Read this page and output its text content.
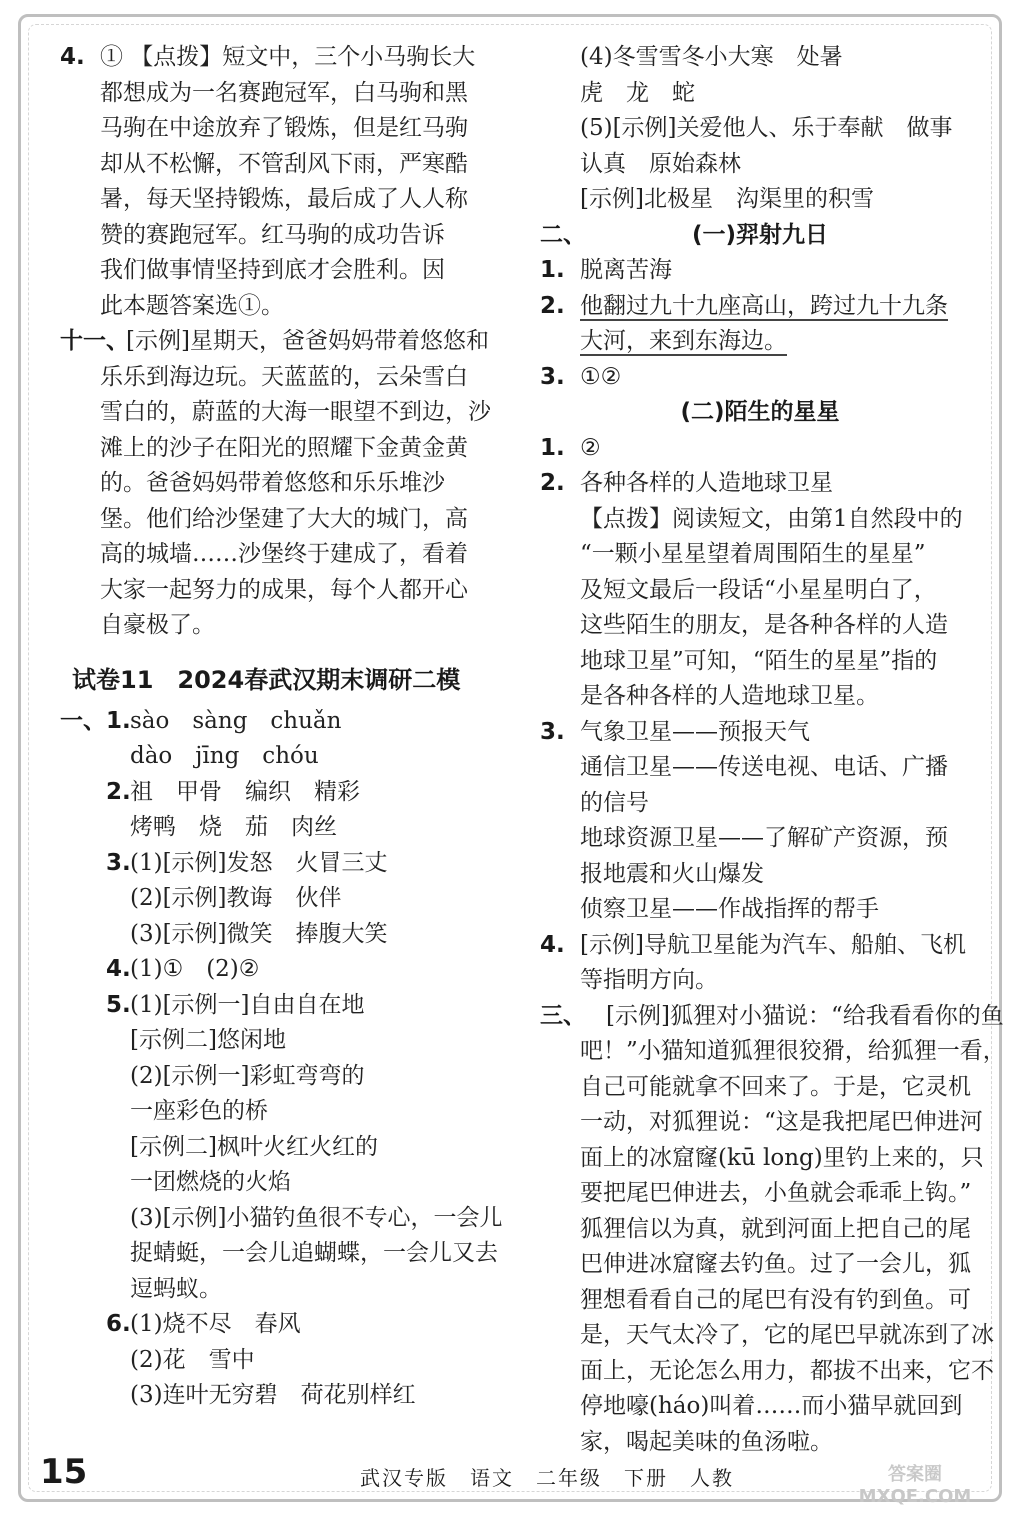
4. ① 【点拨】短文中，三个小马驹长大
都想成为一名赛跑冠军，白马驹和黑
马驹在中途放弃了锻炼，但是红马驹
却从不松懈，不管刮风下雨，严寒酷
暑，每天坚持锻炼，最后成了人人称
赞的赛跑冠军。红马驹的成功告诉
我们做事情坚持到底才会胜利。因
此本题答案选①。
十一、
[示例]星期天，爸爸妈妈带着悠悠和
乐乐到海边玩。天蓝蓝的，云朵雪白
雪白的，蔚蓝的大海一眼望不到边，沙
滩上的沙子在阳光的照耀下金黄金黄
的。爸爸妈妈带着悠悠和乐乐堆沙
堡。他们给沙堡建了大大的城门，高
高的城墙……沙堡终于建成了，看着
大家一起努力的成果，每个人都开心
自豪极了。
试卷11　2024春武汉期末调研二模
一、1. sào　sàng　chuǎn
dào　jīng　chóu
2. 祖　甲骨　编织　精彩
烤鸭　烧　茄　肉丝
3. (1)[示例]发怒　火冒三丈
(2)[示例]教诲　伙伴
(3)[示例]微笑　捧腹大笑
4. (1)①　(2)②
5. (1)[示例一]自由自在地
[示例二]悠闲地
(2)[示例一]彩虹弯弯的
一座彩色的桥
[示例二]枫叶火红火红的
一团燃烧的火焰
(3)[示例]小猫钓鱼很不专心，一会儿
捉蜻蜓，一会儿追蝴蝶，一会儿又去
逗蚂蚁。
6. (1)烧不尽　春风
(2)花　雪中
(3)连叶无穷碧　荷花别样红
(4)冬雪雪冬小大寒　处暑
虎　龙　蛇
(5)[示例]关爱他人、乐于奉献　做事
认真　原始森林
[示例]北极星　沟渠里的积雪
二、	(一)羿射九日
1. 脱离苦海
2. 他翻过九十九座高山，跨过九十九条
大河，来到东海边。
3. ①②
(二)陌生的星星
1. ②
2. 各种各样的人造地球卫星
【点拨】阅读短文，由第1自然段中的
“一颗小星星望着周围陌生的星星”
及短文最后一段话“小星星明白了，
这些陌生的朋友，是各种各样的人造
地球卫星”可知，“陌生的星星”指的
是各种各样的人造地球卫星。
3. 气象卫星——预报天气
通信卫星——传送电视、电话、广播
的信号
地球资源卫星——了解矿产资源，预
报地震和火山爆发
侦察卫星——作战指挥的帮手
4. [示例]导航卫星能为汽车、船舶、飞机
等指明方向。
三、 [示例]狐狸对小猫说：“给我看看你的鱼
吧！”小猫知道狐狸很狡猾，给狐狸一看，
自己可能就拿不回来了。于是，它灵机
一动，对狐狸说：“这是我把尾巴伸进河
面上的冰窟窿(kū long)里钓上来的，只
要把尾巴伸进去，小鱼就会乖乖上钩。”
狐狸信以为真，就到河面上把自己的尾
巴伸进冰窟窿去钓鱼。过了一会儿，狐
狸想看看自己的尾巴有没有钓到鱼。可
是，天气太冷了，它的尾巴早就冻到了冰
面上，无论怎么用力，都拔不出来，它不
停地嚎(háo)叫着……而小猫早就回到
家，喝起美味的鱼汤啦。
15	武汉专版　语文　二年级　下册　人教	答案圈 MXQE.COM
